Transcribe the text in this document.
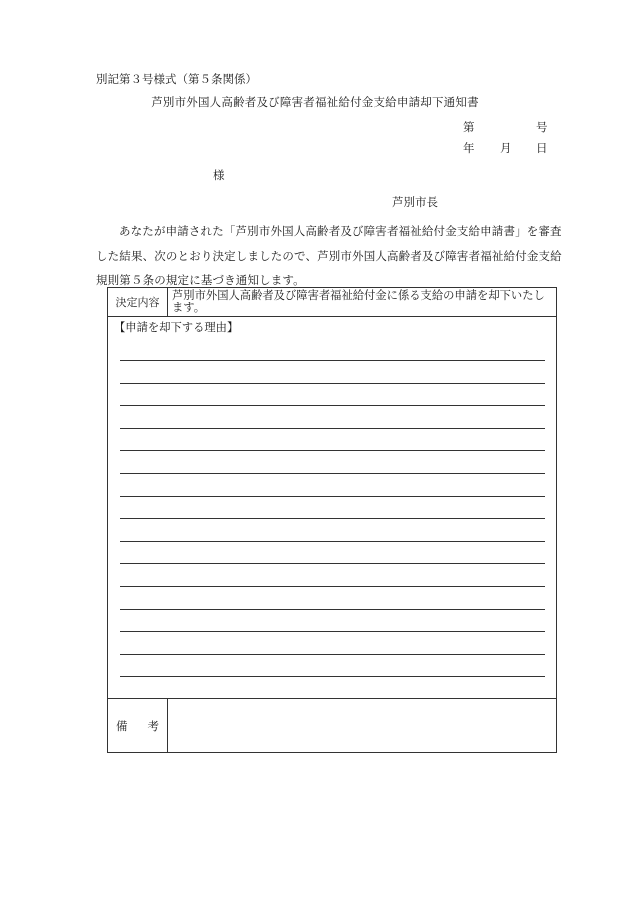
別記第３号様式（第５条関係）
芦別市外国人高齢者及び障害者福祉給付金支給申請却下通知書
第	号
年 月 日
様
芦別市長
あなたが申請された「芦別市外国人高齢者及び障害者福祉給付金支給申請書」を審査した結果、次のとおり決定しましたので、芦別市外国人高齢者及び障害者福祉給付金支給規則第５条の規定に基づき通知します。
決定内容
芦別市外国人高齢者及び障害者福祉給付金に係る支給の申請を却下いたします。
【申請を却下する理由】
備考
